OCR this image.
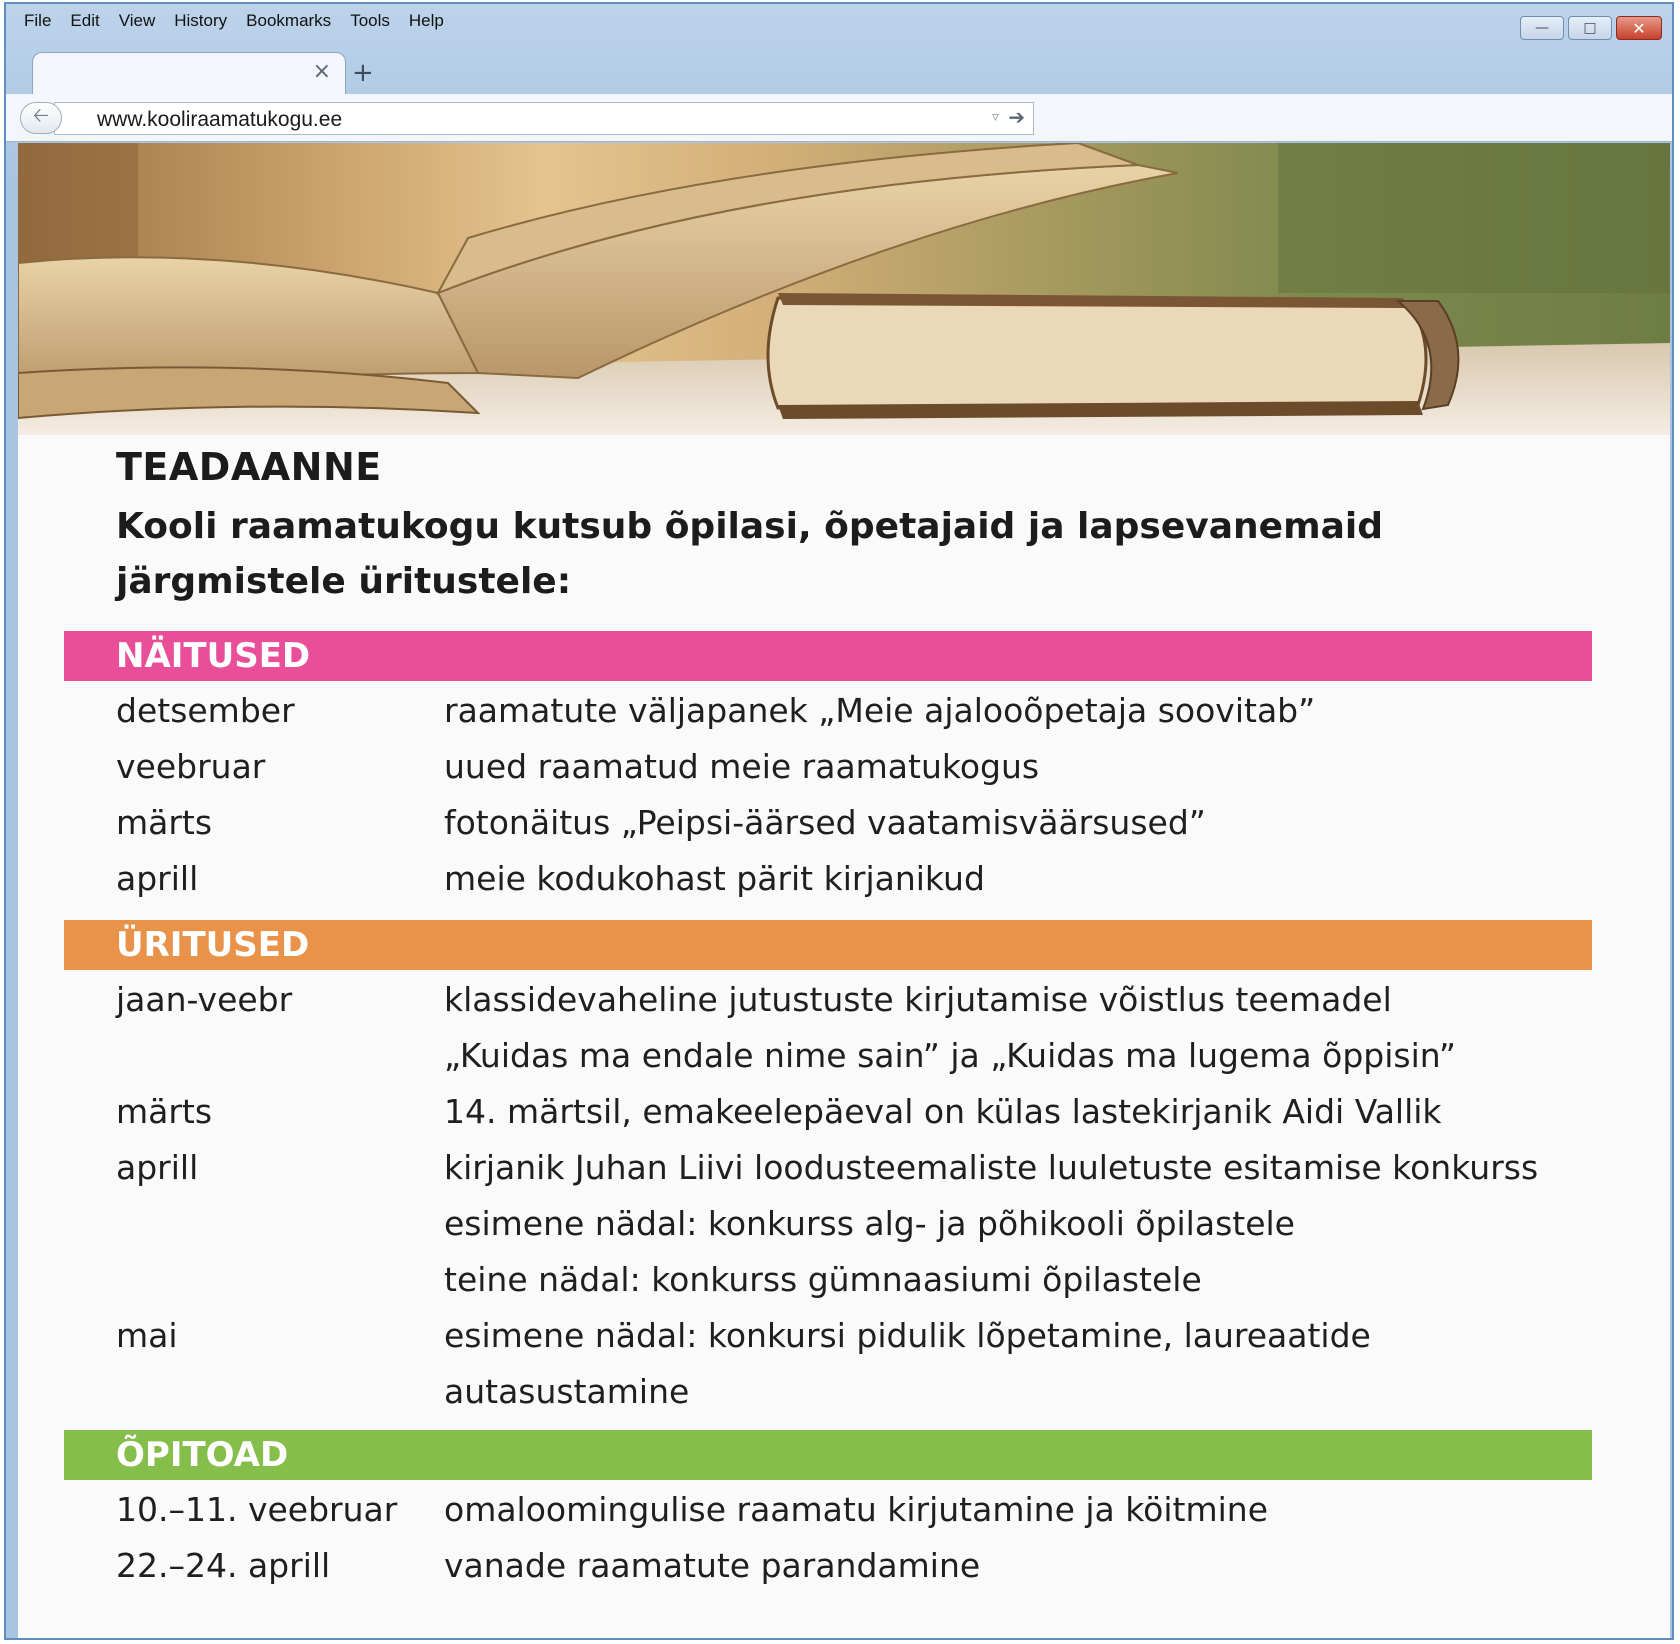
File Edit View History Bookmarks Tools Help	—	□	✕
× +
www.kooliraamatukogu.ee	▿ ➔
🡠
TEADAANNE
Kooli raamatukogu kutsub õpilasi, õpetajaid ja lapsevanemaid järgmistele üritustele:
NÄITUSED
detsember	raamatute väljapanek „Meie ajalooõpetaja soovitab”
veebruar	uued raamatud meie raamatukogus
märts	fotonäitus „Peipsi-äärsed vaatamisväärsused”
aprill	meie kodukohast pärit kirjanikud
ÜRITUSED
jaan-veebr	klassidevaheline jutustuste kirjutamise võistlus teemadel
„Kuidas ma endale nime sain” ja „Kuidas ma lugema õppisin”
märts	14. märtsil, emakeelepäeval on külas lastekirjanik Aidi Vallik
aprill	kirjanik Juhan Liivi loodusteemaliste luuletuste esitamise konkurss
esimene nädal: konkurss alg- ja põhikooli õpilastele
teine nädal: konkurss gümnaasiumi õpilastele
mai	esimene nädal: konkursi pidulik lõpetamine, laureaatide
autasustamine
ÕPITOAD
10.–11. veebruar	omaloomingulise raamatu kirjutamine ja köitmine
22.–24. aprill	vanade raamatute parandamine
